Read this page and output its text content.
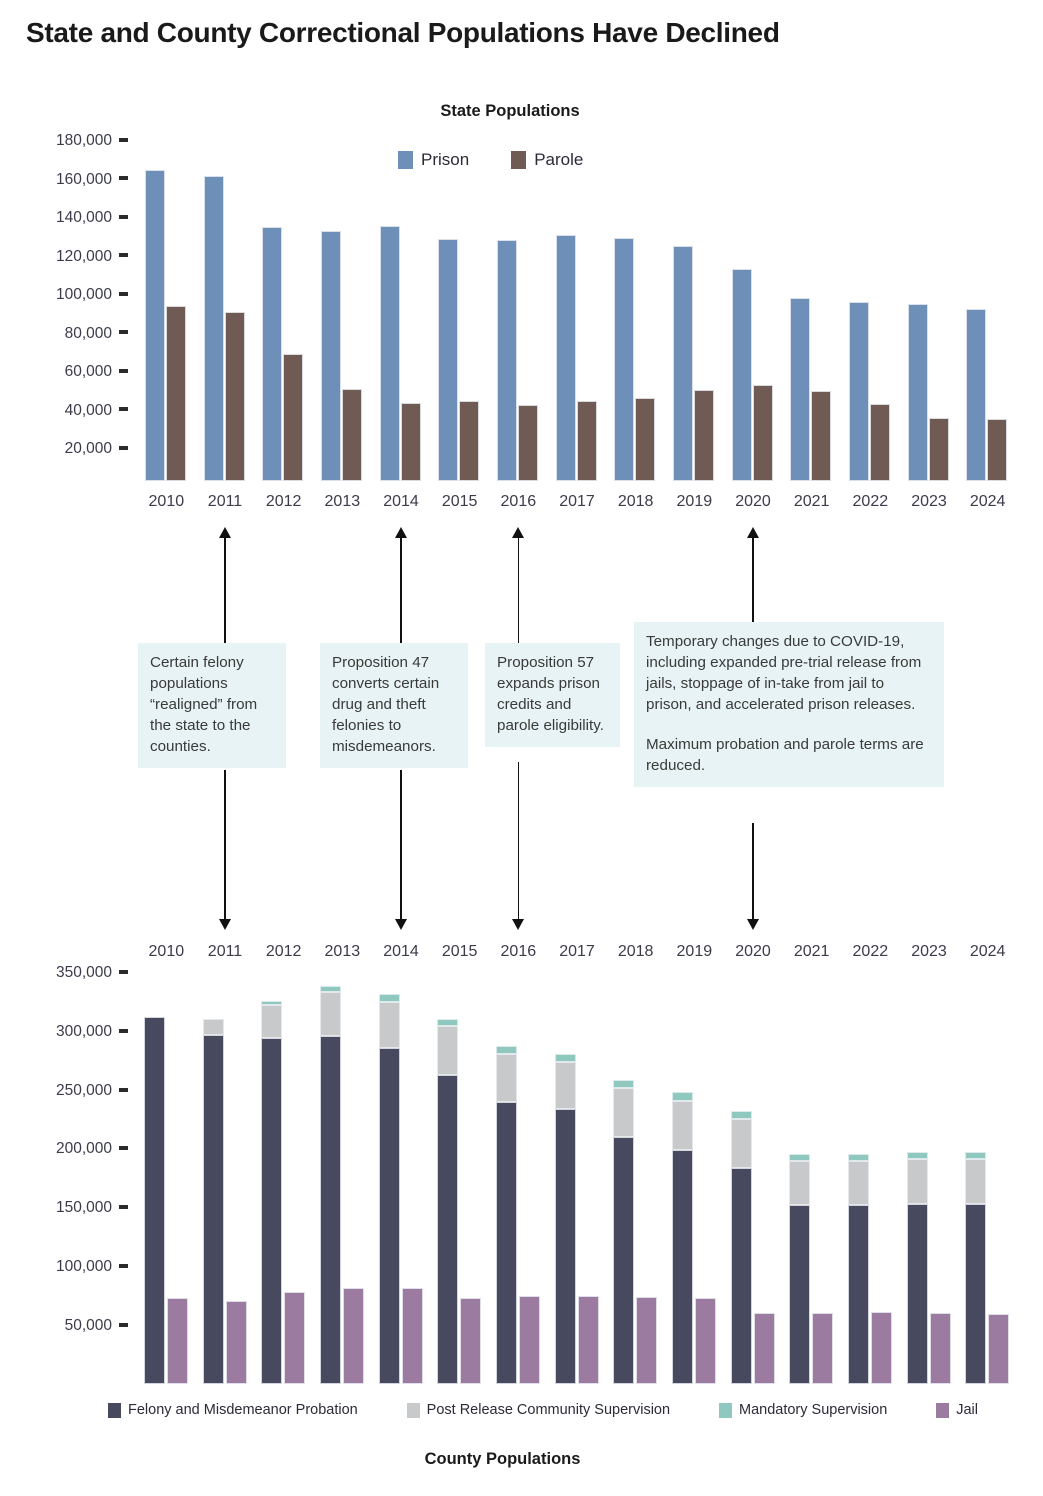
State and County Correctional Populations Have Declined
State Populations
180,000
160,000
140,000
120,000
100,000
80,000
60,000
40,000
20,000
Prison	Parole
2010 2011 2012 2013 2014 2015 2016 2017 2018 2019 2020 2021 2022 2023 2024
Certain felony populations “realigned” from the state to the counties.
Proposition 47 converts certain drug and theft felonies to misdemeanors.
Proposition 57 expands prison credits and parole eligibility.
Temporary changes due to COVID-19, including expanded pre-trial release from jails, stoppage of in-take from jail to prison, and accelerated prison releases.
Maximum probation and parole terms are reduced.
2010 2011 2012 2013 2014 2015 2016 2017 2018 2019 2020 2021 2022 2023 2024
350,000
300,000
250,000
200,000
150,000
100,000
50,000
Felony and Misdemeanor Probation	Post Release Community Supervision	Mandatory Supervision	Jail
County Populations
